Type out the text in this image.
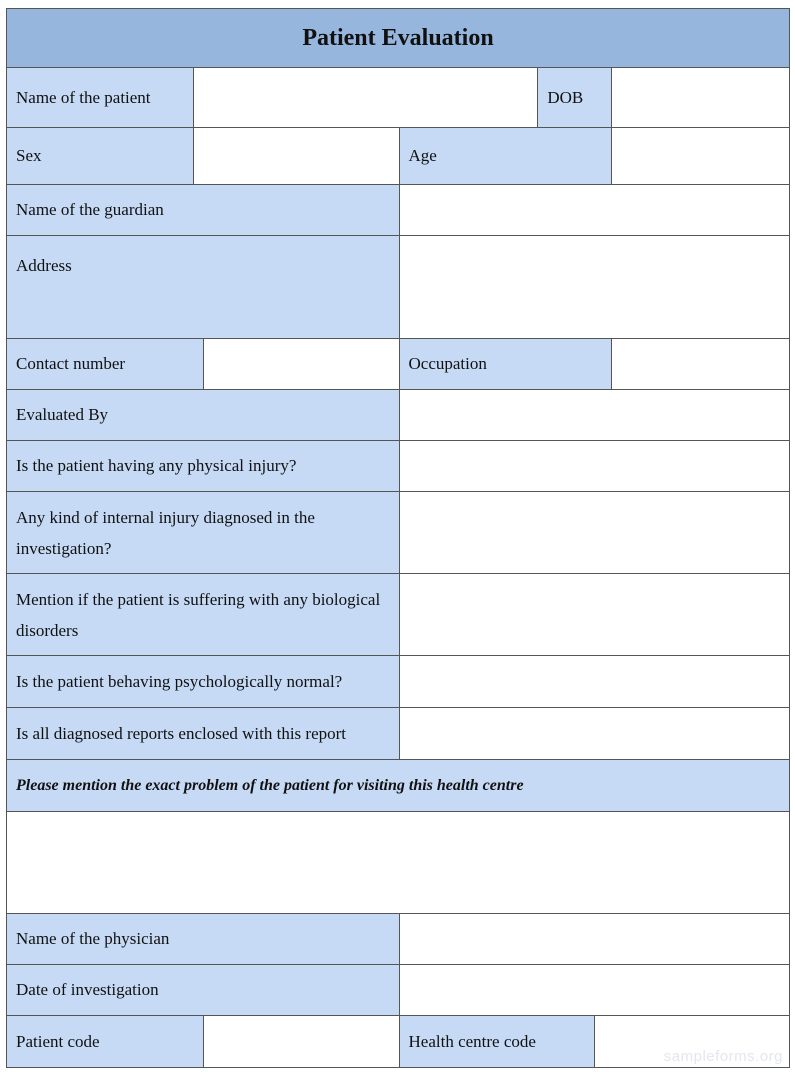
Patient Evaluation
Name of the patient	DOB
Sex	Age
Name of the guardian
Address
Contact number	Occupation
Evaluated By
Is the patient having any physical injury?
Any kind of internal injury diagnosed in the investigation?
Mention if the patient is suffering with any biological disorders
Is the patient behaving psychologically normal?
Is all diagnosed reports enclosed with this report
Please mention the exact problem of the patient for visiting this health centre
Name of the physician
Date of investigation
Patient code	Health centre code
sampleforms.org
